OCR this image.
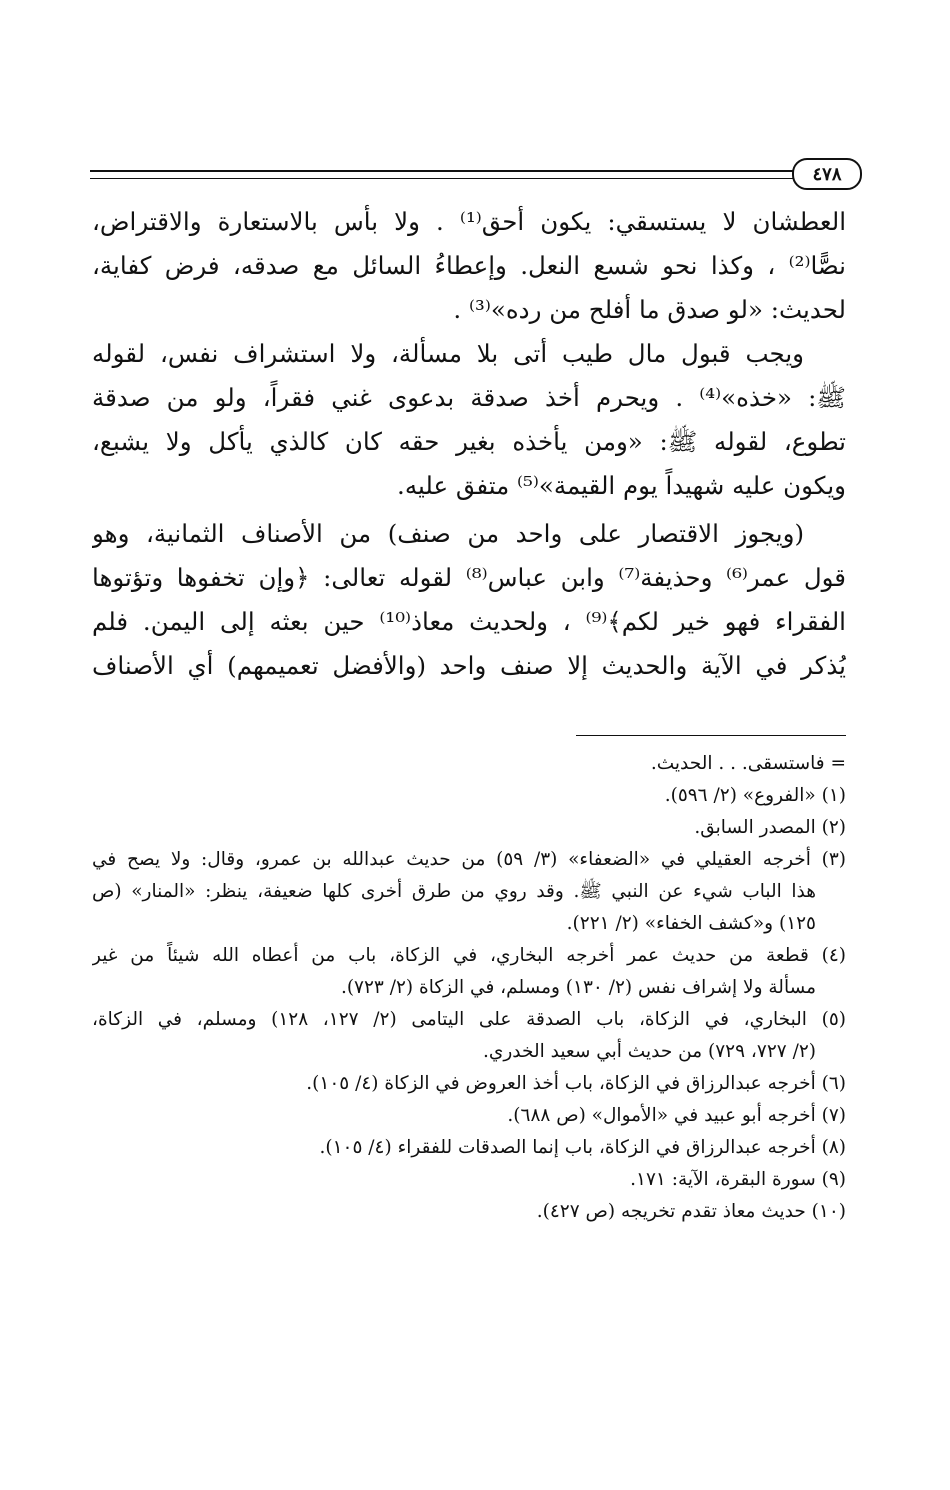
٤٧٨
العطشان لا يستسقي: يكون أحق⁽¹⁾ . ولا بأس بالاستعارة والاقتراض،
نصًّا⁽²⁾ ، وكذا نحو شسع النعل. وإعطاءُ السائل مع صدقه، فرض كفاية،
لحديث: «لو صدق ما أفلح من رده»⁽³⁾ .
ويجب قبول مال طيب أتى بلا مسألة، ولا استشراف نفس، لقوله
ﷺ: «خذه»⁽⁴⁾ . ويحرم أخذ صدقة بدعوى غني فقراً، ولو من صدقة
تطوع، لقوله ﷺ: «ومن يأخذه بغير حقه كان كالذي يأكل ولا يشبع،
ويكون عليه شهيداً يوم القيمة»⁽⁵⁾ متفق عليه.
(ويجوز الاقتصار على واحد من صنف) من الأصناف الثمانية، وهو
قول عمر⁽⁶⁾ وحذيفة⁽⁷⁾ وابن عباس⁽⁸⁾ لقوله تعالى: ﴿وإن تخفوها وتؤتوها
الفقراء فهو خير لكم﴾⁽⁹⁾ ، ولحديث معاذ⁽¹⁰⁾ حين بعثه إلى اليمن. فلم
يُذكر في الآية والحديث إلا صنف واحد (والأفضل تعميمهم) أي الأصناف
= فاستسقى. . . الحديث.
(١) «الفروع» (٢/ ٥٩٦).
(٢) المصدر السابق.
(٣) أخرجه العقيلي في «الضعفاء» (٣/ ٥٩) من حديث عبدالله بن عمرو، وقال: ولا يصح في
هذا الباب شيء عن النبي ﷺ. وقد روي من طرق أخرى كلها ضعيفة، ينظر: «المنار» (ص
١٢٥) و«كشف الخفاء» (٢/ ٢٢١).
(٤) قطعة من حديث عمر أخرجه البخاري، في الزكاة، باب من أعطاه الله شيئاً من غير
مسألة ولا إشراف نفس (٢/ ١٣٠) ومسلم، في الزكاة (٢/ ٧٢٣).
(٥) البخاري، في الزكاة، باب الصدقة على اليتامى (٢/ ١٢٧، ١٢٨) ومسلم، في الزكاة،
(٢/ ٧٢٧، ٧٢٩) من حديث أبي سعيد الخدري.
(٦) أخرجه عبدالرزاق في الزكاة، باب أخذ العروض في الزكاة (٤/ ١٠٥).
(٧) أخرجه أبو عبيد في «الأموال» (ص ٦٨٨).
(٨) أخرجه عبدالرزاق في الزكاة، باب إنما الصدقات للفقراء (٤/ ١٠٥).
(٩) سورة البقرة، الآية: ١٧١.
(١٠) حديث معاذ تقدم تخريجه (ص ٤٢٧).
